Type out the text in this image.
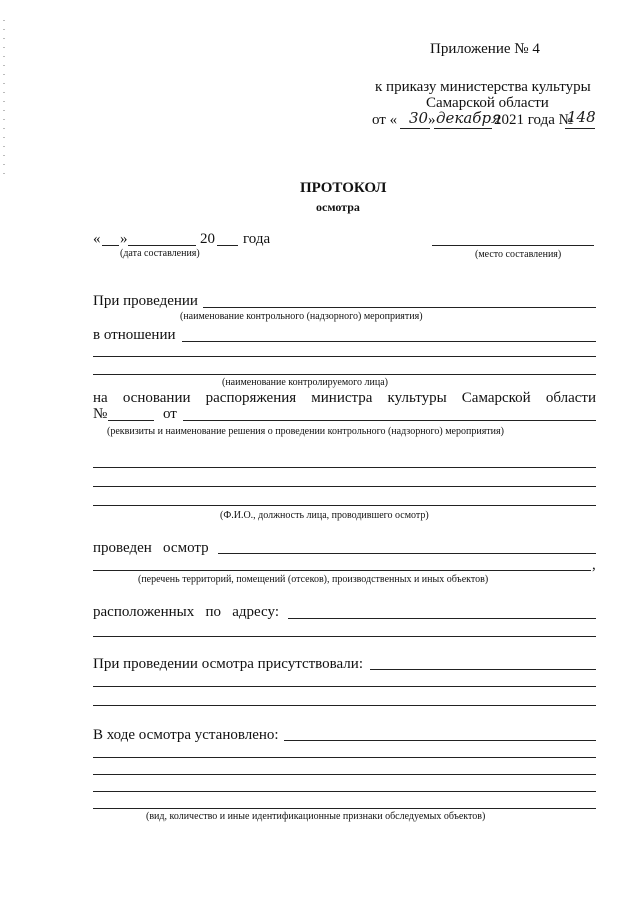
Приложение № 4
к приказу министерства культуры
Самарской области
от « 30 » декабря
2021 года №
148
ПРОТОКОЛ
осмотра
« »	20 года
(дата составления)	(место составления)
При проведении
(наименование контрольного (надзорного) мероприятия)
в отношении
(наименование контролируемого лица)
на основании распоряжения министра культуры Самарской области
№	от
(реквизиты и наименование решения о проведении контрольного (надзорного) мероприятия)
(Ф.И.О., должность лица, проводившего осмотр)
проведен   осмотр
,
(перечень территорий, помещений (отсеков), производственных и иных объектов)
расположенных   по   адресу:
При проведении осмотра присутствовали:
В ходе осмотра установлено:
(вид, количество и иные идентификационные признаки обследуемых объектов)
